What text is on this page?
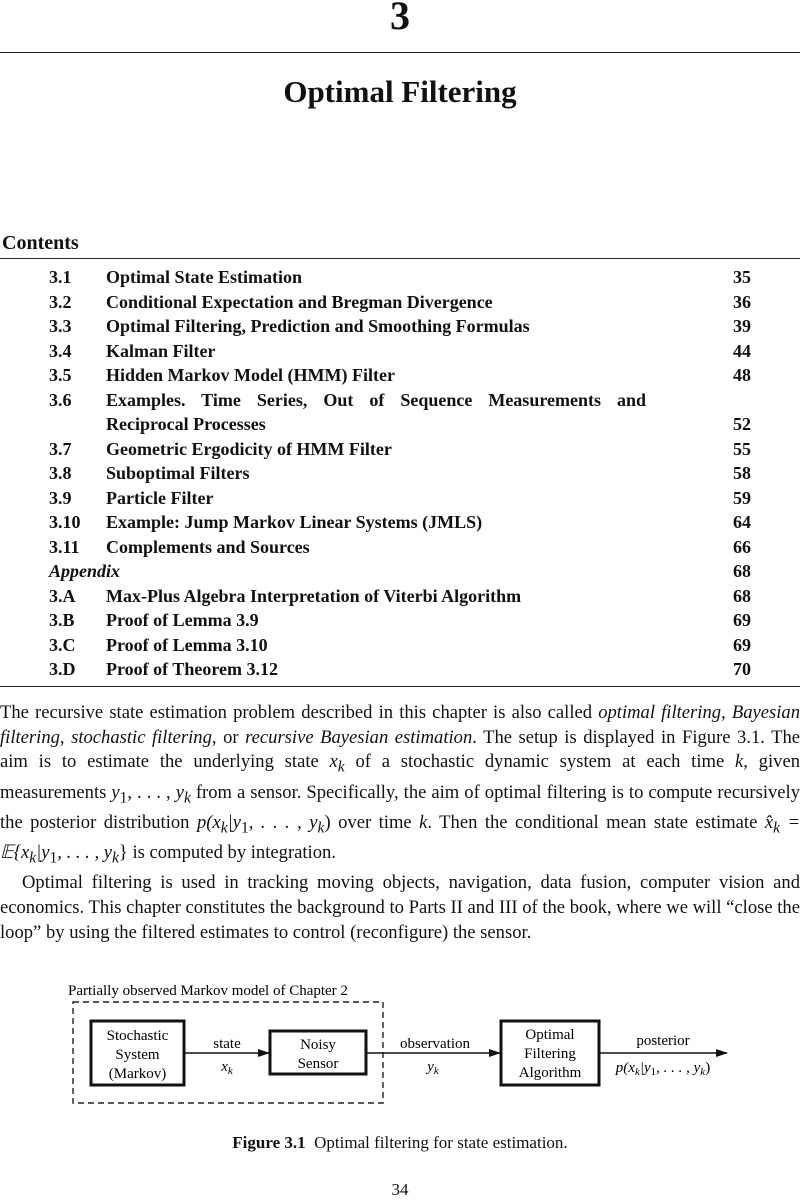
3
Optimal Filtering
Contents
3.1 Optimal State Estimation	35
3.2 Conditional Expectation and Bregman Divergence	36
3.3 Optimal Filtering, Prediction and Smoothing Formulas	39
3.4 Kalman Filter	44
3.5 Hidden Markov Model (HMM) Filter	48
3.6 Examples. Time Series, Out of Sequence Measurements and
Reciprocal Processes	52
3.7 Geometric Ergodicity of HMM Filter	55
3.8 Suboptimal Filters	58
3.9 Particle Filter	59
3.10 Example: Jump Markov Linear Systems (JMLS)	64
3.11 Complements and Sources	66
Appendix	68
3.A Max-Plus Algebra Interpretation of Viterbi Algorithm	68
3.B Proof of Lemma 3.9	69
3.C Proof of Lemma 3.10	69
3.D Proof of Theorem 3.12	70

The recursive state estimation problem described in this chapter is also called optimal filtering, Bayesian filtering, stochastic filtering, or recursive Bayesian estimation. The setup is displayed in Figure 3.1. The aim is to estimate the underlying state $x_k$ of a stochastic dynamic system at each time k, given measurements $y_1$, . . . , $y_k$ from a sensor. Specifically, the aim of optimal filtering is to compute recursively the posterior distribution $p(x_k|y_1$, . . . , $y_k$) over time k. Then the conditional mean state estimate $x̂_k$ = $𝔼\{x_k|y_1$, . . . , $y_k$} is computed by integration.

Optimal filtering is used in tracking moving objects, navigation, data fusion, computer vision and economics. This chapter constitutes the background to Parts II and III of the book, where we will “close the loop” by using the filtered estimates to control (reconfigure) the sensor.

Partially observed Markov model of Chapter 2
Stochastic
System
(Markov)
state
$x_k$
Noisy
Sensor
observation
$y_k$
Optimal
Filtering
Algorithm
posterior
$p(x_k|y_1$, . . . , $y_k$)
Figure 3.1 Optimal filtering for state estimation.
34
